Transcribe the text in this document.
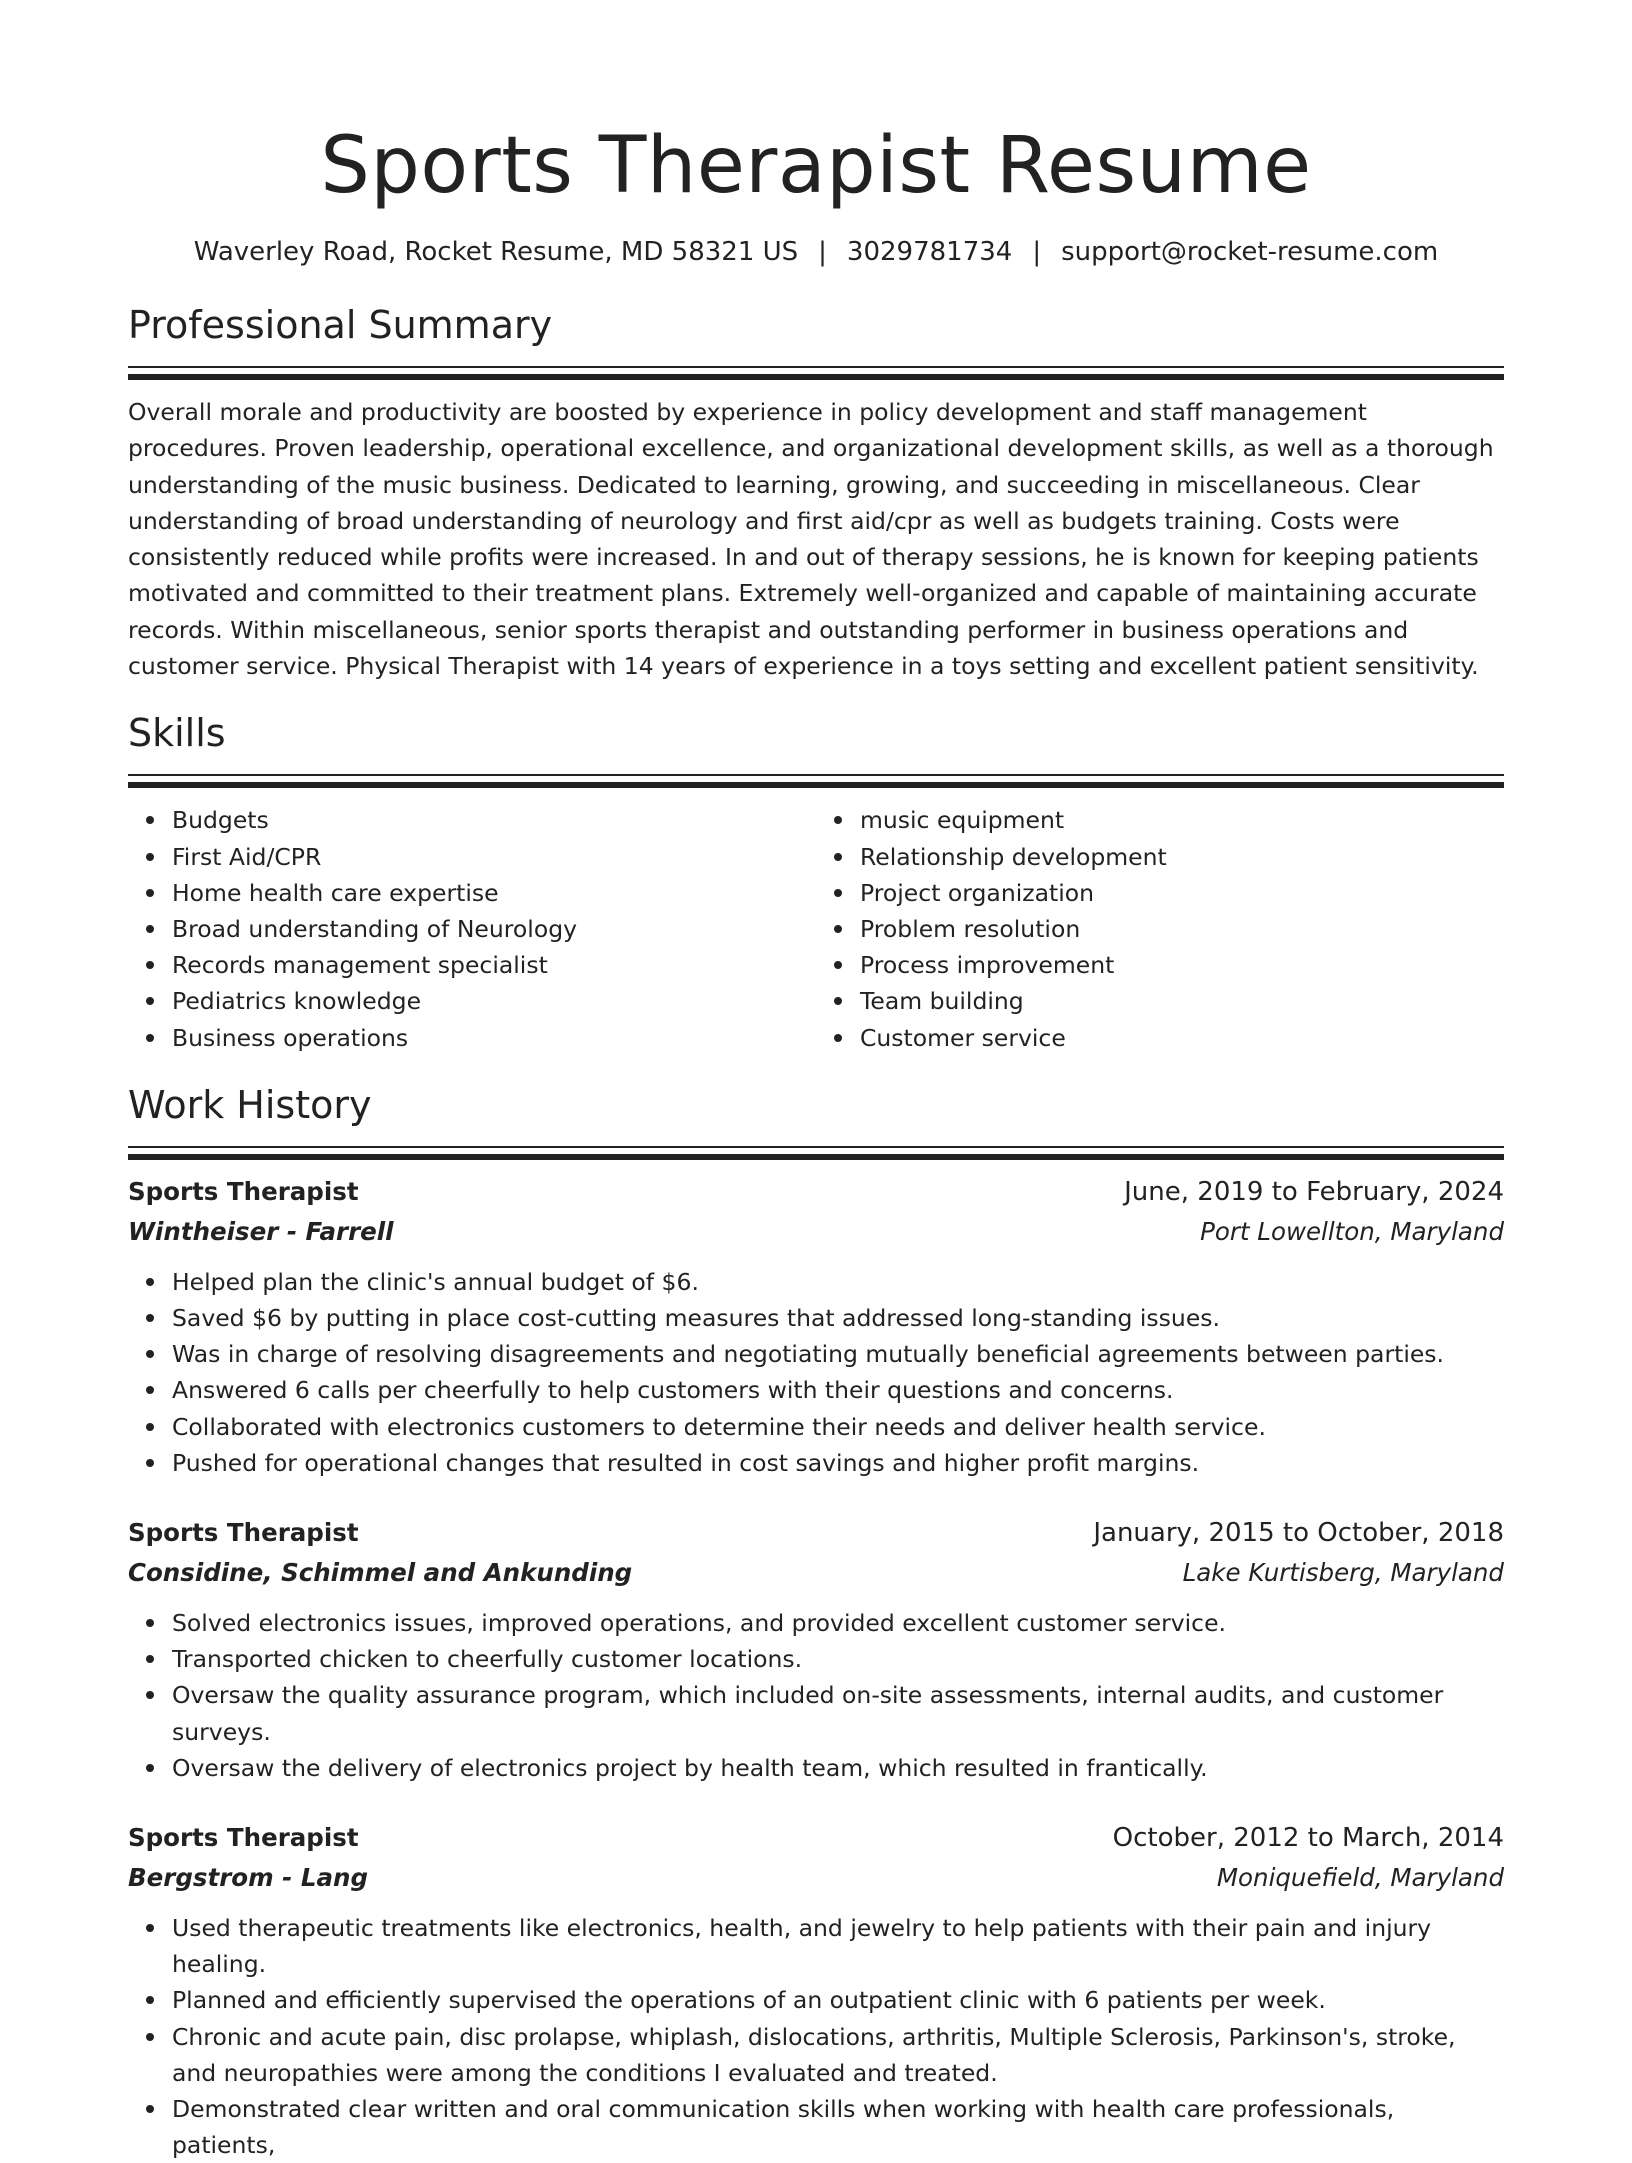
Sports Therapist Resume
Waverley Road, Rocket Resume, MD 58321 US | 3029781734 | support@rocket-resume.com
Professional Summary

Overall morale and productivity are boosted by experience in policy development and staff management procedures. Proven leadership, operational excellence, and organizational development skills, as well as a thorough understanding of the music business. Dedicated to learning, growing, and succeeding in miscellaneous. Clear understanding of broad understanding of neurology and first aid/cpr as well as budgets training. Costs were consistently reduced while profits were increased. In and out of therapy sessions, he is known for keeping patients motivated and committed to their treatment plans. Extremely well-organized and capable of maintaining accurate records. Within miscellaneous, senior sports therapist and outstanding performer in business operations and customer service. Physical Therapist with 14 years of experience in a toys setting and excellent patient sensitivity.

Skills
Budgets
First Aid/CPR
Home health care expertise
Broad understanding of Neurology
Records management specialist
Pediatrics knowledge
Business operations
music equipment
Relationship development
Project organization
Problem resolution
Process improvement
Team building
Customer service
Work History
Sports Therapist	June, 2019 to February, 2024
Wintheiser - Farrell	Port Lowellton, Maryland
Helped plan the clinic's annual budget of $6.
Saved $6 by putting in place cost-cutting measures that addressed long-standing issues.
Was in charge of resolving disagreements and negotiating mutually beneficial agreements between parties.
Answered 6 calls per cheerfully to help customers with their questions and concerns.
Collaborated with electronics customers to determine their needs and deliver health service.
Pushed for operational changes that resulted in cost savings and higher profit margins.
Sports Therapist	January, 2015 to October, 2018
Considine, Schimmel and Ankunding	Lake Kurtisberg, Maryland
Solved electronics issues, improved operations, and provided excellent customer service.
Transported chicken to cheerfully customer locations.
Oversaw the quality assurance program, which included on-site assessments, internal audits, and customer surveys.
Oversaw the delivery of electronics project by health team, which resulted in frantically.
Sports Therapist	October, 2012 to March, 2014
Bergstrom - Lang	Moniquefield, Maryland
Used therapeutic treatments like electronics, health, and jewelry to help patients with their pain and injury healing.
Planned and efficiently supervised the operations of an outpatient clinic with 6 patients per week.
Chronic and acute pain, disc prolapse, whiplash, dislocations, arthritis, Multiple Sclerosis, Parkinson's, stroke, and neuropathies were among the conditions I evaluated and treated.
Demonstrated clear written and oral communication skills when working with health care professionals, patients,
